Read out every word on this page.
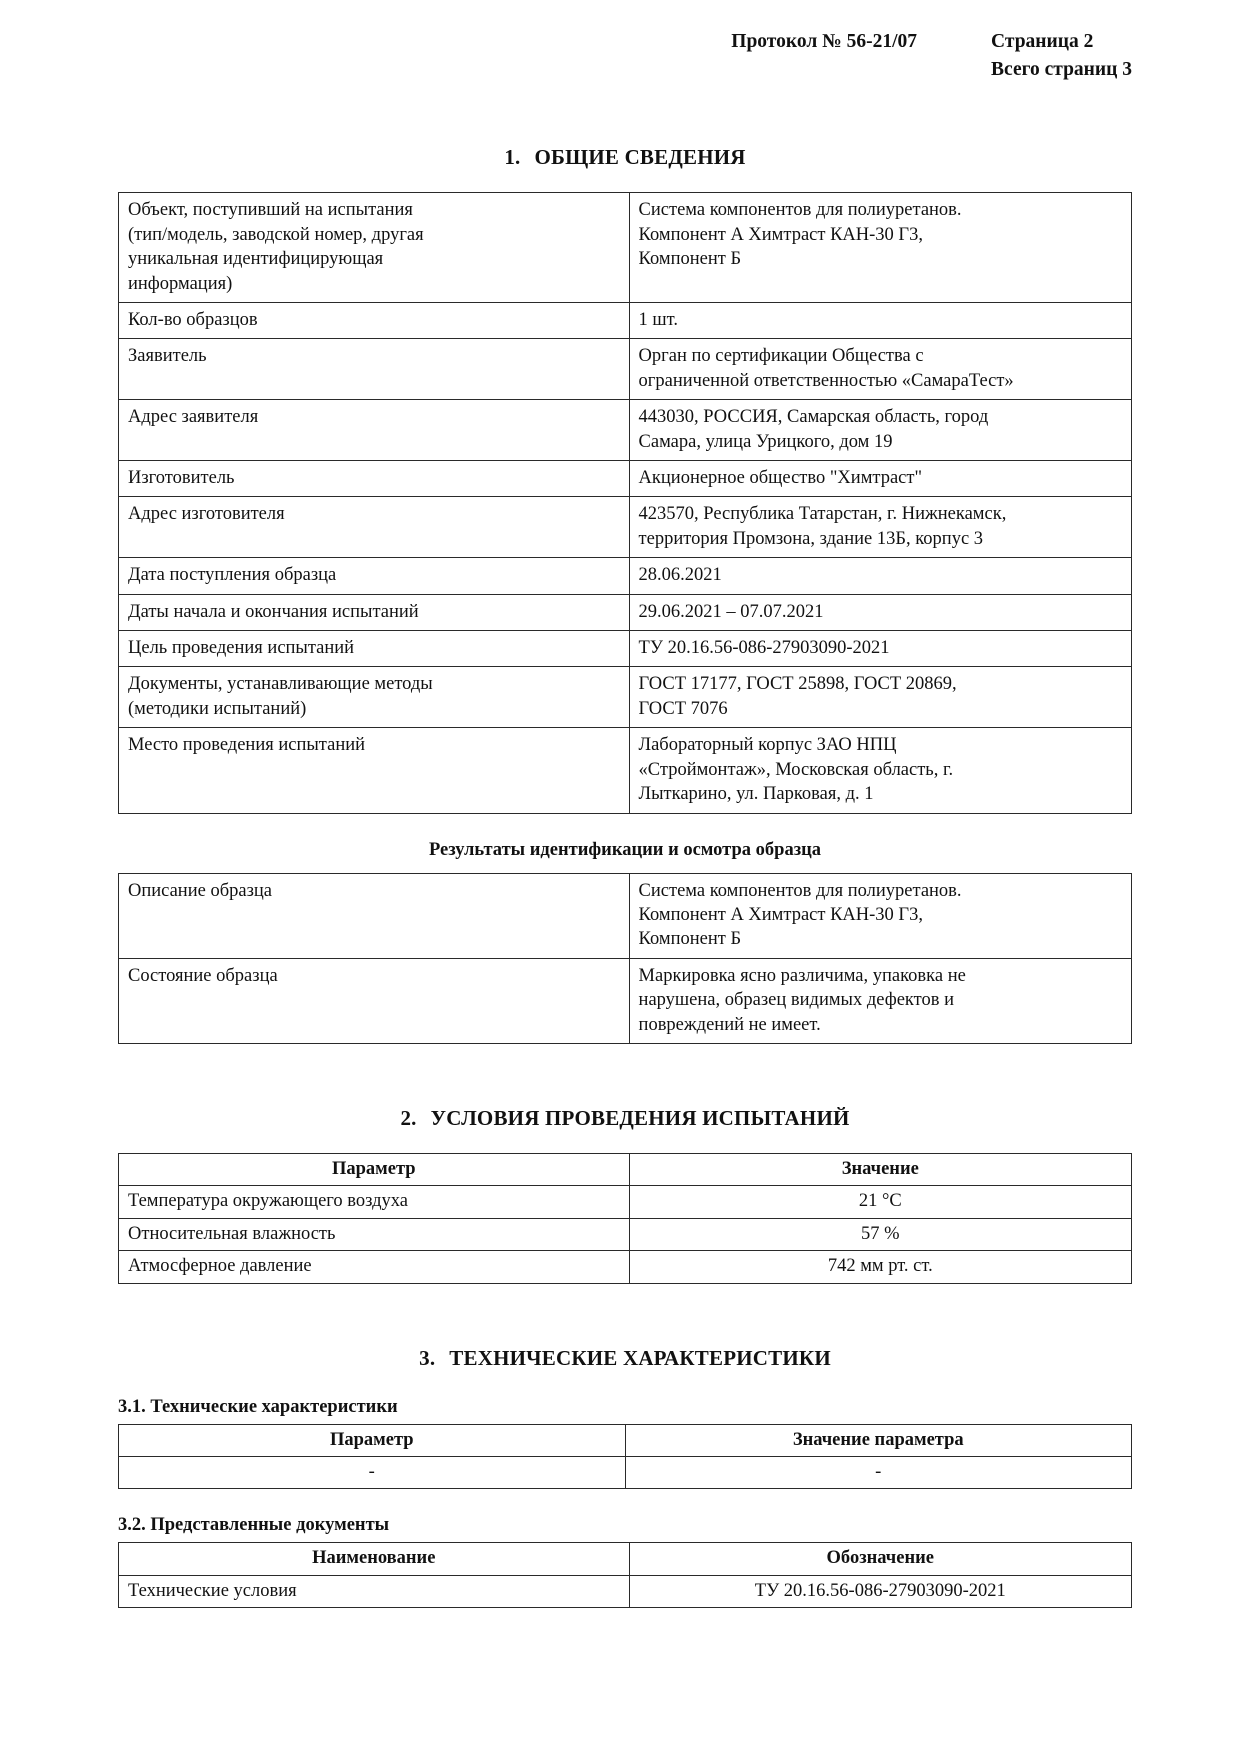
Протокол № 56-21/07	Страница 2
Всего страниц 3
1. ОБЩИЕ СВЕДЕНИЯ
Объект, поступивший на испытания
(тип/модель, заводской номер, другая
уникальная идентифицирующая
информация)	Система компонентов для полиуретанов.
Компонент А Химтраст КАН-30 Г3,
Компонент Б

Кол-во образцов	1 шт.

Заявитель	Орган по сертификации Общества с
ограниченной ответственностью «СамараТест»

Адрес заявителя	443030, РОССИЯ, Самарская область, город
Самара, улица Урицкого, дом 19

Изготовитель	Акционерное общество "Химтраст"

Адрес изготовителя	423570, Республика Татарстан, г. Нижнекамск,
территория Промзона, здание 13Б, корпус 3

Дата поступления образца	28.06.2021

Даты начала и окончания испытаний	29.06.2021 – 07.07.2021

Цель проведения испытаний	ТУ 20.16.56-086-27903090-2021

Документы, устанавливающие методы
(методики испытаний)	ГОСТ 17177, ГОСТ 25898, ГОСТ 20869,
ГОСТ 7076

Место проведения испытаний	Лабораторный корпус ЗАО НПЦ
«Строймонтаж», Московская область, г.
Лыткарино, ул. Парковая, д. 1
Результаты идентификации и осмотра образца
Описание образца	Система компонентов для полиуретанов.
Компонент А Химтраст КАН-30 Г3,
Компонент Б

Состояние образца	Маркировка ясно различима, упаковка не
нарушена, образец видимых дефектов и
повреждений не имеет.
2. УСЛОВИЯ ПРОВЕДЕНИЯ ИСПЫТАНИЙ
Параметр	Значение
Температура окружающего воздуха	21 °С
Относительная влажность	57 %
Атмосферное давление	742 мм рт. ст.
3. ТЕХНИЧЕСКИЕ ХАРАКТЕРИСТИКИ
3.1. Технические характеристики
Параметр	Значение параметра
-	-
3.2. Представленные документы
Наименование	Обозначение
Технические условия	ТУ 20.16.56-086-27903090-2021
